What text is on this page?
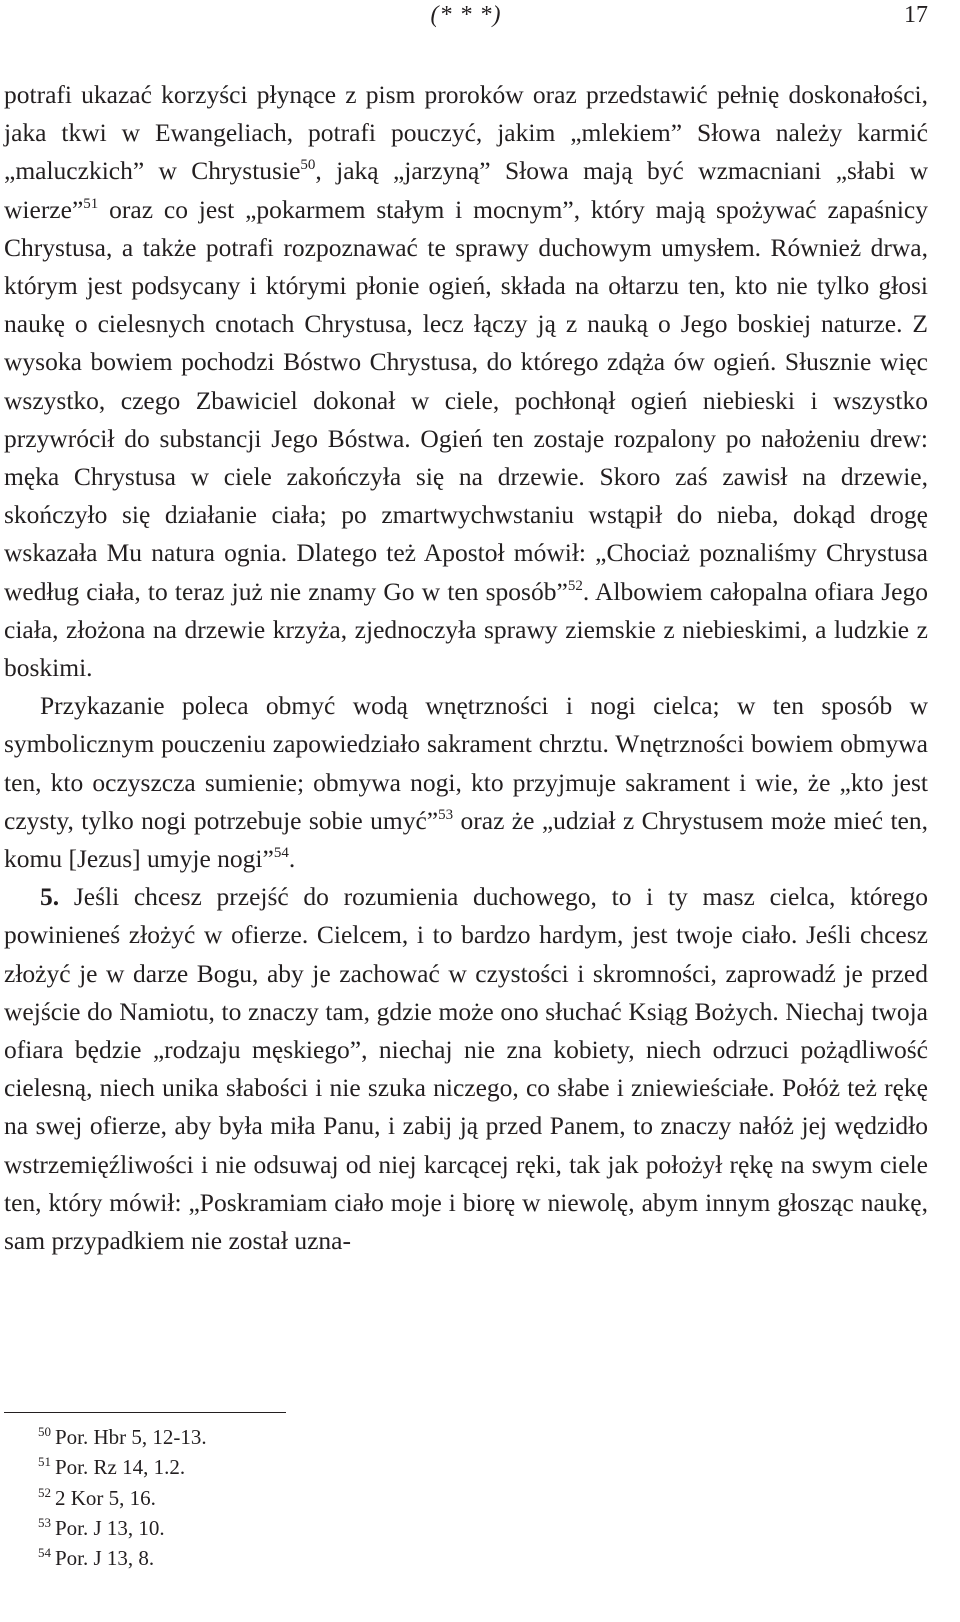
(* * *)	17

potrafi ukazać korzyści płynące z pism proroków oraz przedstawić pełnię doskonałości, jaka tkwi w Ewangeliach, potrafi pouczyć, jakim „mlekiem” Słowa należy karmić „maluczkich” w Chrystusie$^{50}$, jaką „jarzyną” Słowa mają być wzmacniani „słabi w wierze”$^{51}$ oraz co jest „pokarmem stałym i mocnym”, który mają spożywać zapaśnicy Chrystusa, a także potrafi rozpoznawać te sprawy duchowym umysłem. Również drwa, którym jest podsycany i którymi płonie ogień, składa na ołtarzu ten, kto nie tylko głosi naukę o cielesnych cnotach Chrystusa, lecz łączy ją z nauką o Jego boskiej naturze. Z wysoka bowiem pochodzi Bóstwo Chrystusa, do którego zdąża ów ogień. Słusznie więc wszystko, czego Zbawiciel dokonał w ciele, pochłonął ogień niebieski i wszystko przywrócił do substancji Jego Bóstwa. Ogień ten zostaje rozpalony po nałożeniu drew: męka Chrystusa w ciele zakończyła się na drzewie. Skoro zaś zawisł na drzewie, skończyło się działanie ciała; po zmartwychwstaniu wstąpił do nieba, dokąd drogę wskazała Mu natura ognia. Dlatego też Apostoł mówił: „Chociaż poznaliśmy Chrystusa według ciała, to teraz już nie znamy Go w ten sposób”$^{52}$. Albowiem całopalna ofiara Jego ciała, złożona na drzewie krzyża, zjednoczyła sprawy ziemskie z niebieskimi, a ludzkie z boskimi.

Przykazanie poleca obmyć wodą wnętrzności i nogi cielca; w ten sposób w symbolicznym pouczeniu zapowiedziało sakrament chrztu. Wnętrzności bowiem obmywa ten, kto oczyszcza sumienie; obmywa nogi, kto przyjmuje sakrament i wie, że „kto jest czysty, tylko nogi potrzebuje sobie umyć”$^{53}$ oraz że „udział z Chrystusem może mieć ten, komu [Jezus] umyje nogi”$^{54}$.

5. Jeśli chcesz przejść do rozumienia duchowego, to i ty masz cielca, którego powinieneś złożyć w ofierze. Cielcem, i to bardzo hardym, jest twoje ciało. Jeśli chcesz złożyć je w darze Bogu, aby je zachować w czystości i skromności, zaprowadź je przed wejście do Namiotu, to znaczy tam, gdzie może ono słuchać Ksiąg Bożych. Niechaj twoja ofiara będzie „rodzaju męskiego”, niechaj nie zna kobiety, niech odrzuci pożądliwość cielesną, niech unika słabości i nie szuka niczego, co słabe i zniewieściałe. Połóż też rękę na swej ofierze, aby była miła Panu, i zabij ją przed Panem, to znaczy nałóż jej wędzidło wstrzemięźliwości i nie odsuwaj od niej karcącej ręki, tak jak położył rękę na swym ciele ten, który mówił: „Poskramiam ciało moje i biorę w niewolę, abym innym głosząc naukę, sam przypadkiem nie został uzna-

$^{50}$ Por. Hbr 5, 12-13.
$^{51}$ Por. Rz 14, 1.2.
$^{52}$ 2 Kor 5, 16.
$^{53}$ Por. J 13, 10.
$^{54}$ Por. J 13, 8.
